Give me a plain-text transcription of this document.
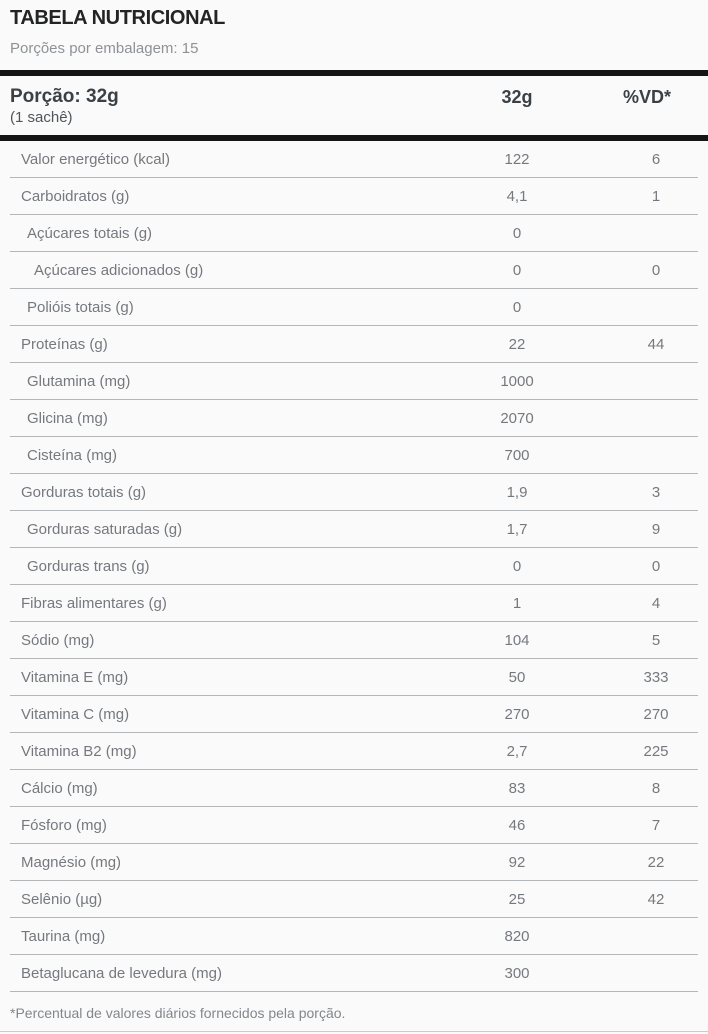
TABELA NUTRICIONAL
Porções por embalagem: 15
Porção: 32g
(1 sachê)
32g	%VD*
Valor energético (kcal)	122	6
Carboidratos (g)	4,1	1
Açúcares totais (g)	0
Açúcares adicionados (g)	0	0
Polióis totais (g)	0
Proteínas (g)	22	44
Glutamina (mg)	1000
Glicina (mg)	2070
Cisteína (mg)	700
Gorduras totais (g)	1,9	3
Gorduras saturadas (g)	1,7	9
Gorduras trans (g)	0	0
Fibras alimentares (g)	1	4
Sódio (mg)	104	5
Vitamina E (mg)	50	333
Vitamina C (mg)	270	270
Vitamina B2 (mg)	2,7	225
Cálcio (mg)	83	8
Fósforo (mg)	46	7
Magnésio (mg)	92	22
Selênio (µg)	25	42
Taurina (mg)	820
Betaglucana de levedura (mg)	300

*Percentual de valores diários fornecidos pela porção.
